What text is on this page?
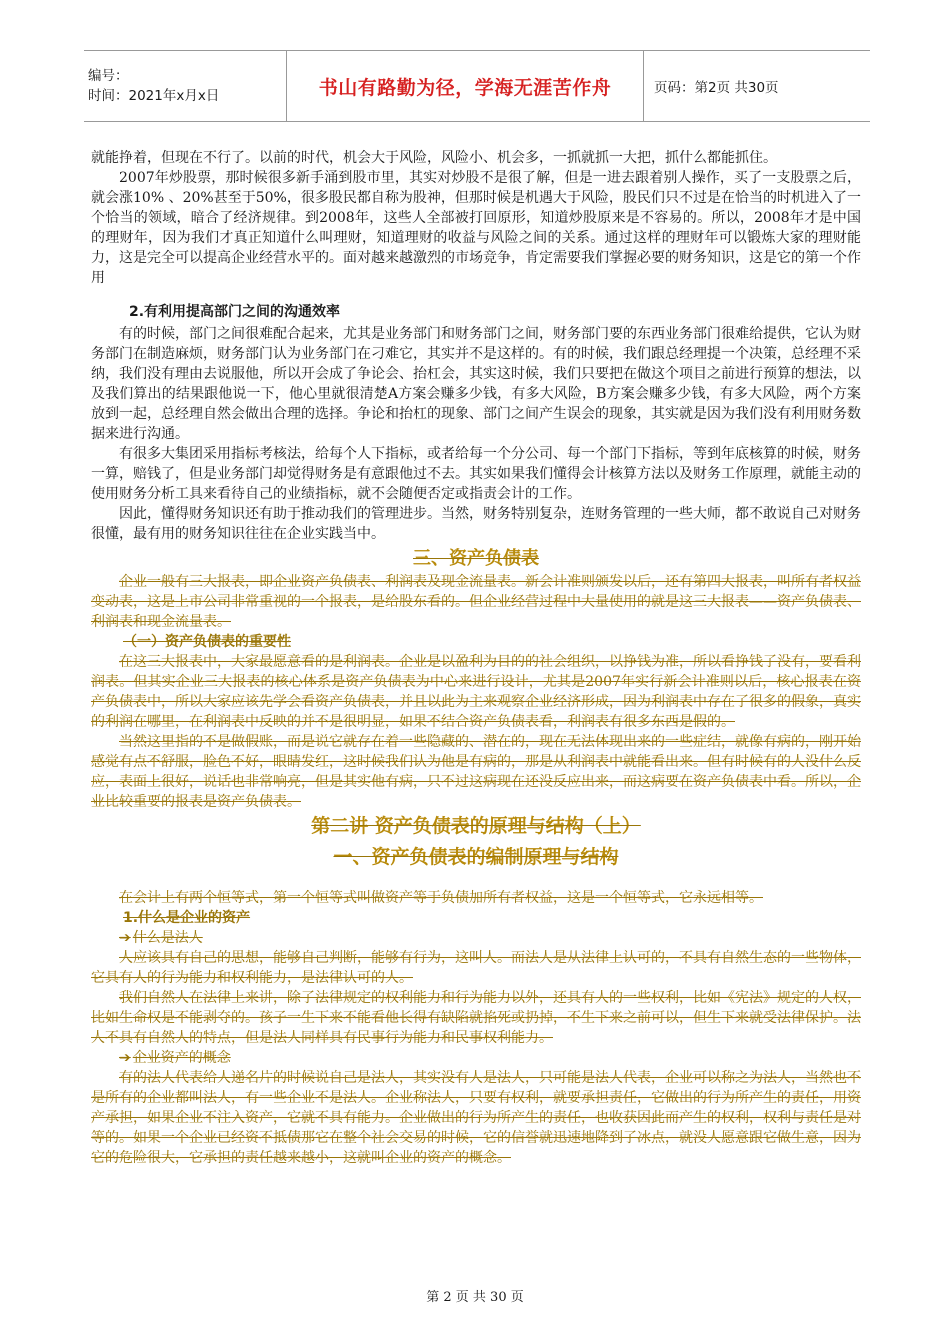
编号：
时间：2021年x月x日	书山有路勤为径，学海无涯苦作舟	页码：第2页 共30页

就能挣着，但现在不行了。以前的时代，机会大于风险，风险小、机会多，一抓就抓一大把，抓什么都能抓住。

2007年炒股票，那时候很多新手涌到股市里，其实对炒股不是很了解，但是一进去跟着别人操作，买了一支股票之后，就会涨10% 、20%甚至于50%，很多股民都自称为股神，但那时候是机遇大于风险，股民们只不过是在恰当的时机进入了一个恰当的领域，暗合了经济规律。到2008年，这些人全部被打回原形，知道炒股原来是不容易的。所以，2008年才是中国的理财年，因为我们才真正知道什么叫理财，知道理财的收益与风险之间的关系。通过这样的理财年可以锻炼大家的理财能力，这是完全可以提高企业经营水平的。面对越来越激烈的市场竞争，肯定需要我们掌握必要的财务知识，这是它的第一个作用

2.有利用提高部门之间的沟通效率

有的时候，部门之间很难配合起来，尤其是业务部门和财务部门之间，财务部门要的东西业务部门很难给提供，它认为财务部门在制造麻烦，财务部门认为业务部门在刁难它，其实并不是这样的。有的时候，我们跟总经理提一个决策，总经理不采纳，我们没有理由去说服他，所以开会成了争论会、抬杠会，其实这时候，我们只要把在做这个项目之前进行预算的想法，以及我们算出的结果跟他说一下，他心里就很清楚A方案会赚多少钱，有多大风险，B方案会赚多少钱，有多大风险，两个方案放到一起，总经理自然会做出合理的选择。争论和抬杠的现象、部门之间产生误会的现象，其实就是因为我们没有利用财务数据来进行沟通。

有很多大集团采用指标考核法，给每个人下指标，或者给每一个分公司、每一个部门下指标，等到年底核算的时候，财务一算，赔钱了，但是业务部门却觉得财务是有意跟他过不去。其实如果我们懂得会计核算方法以及财务工作原理，就能主动的使用财务分析工具来看待自己的业绩指标，就不会随便否定或指责会计的工作。

因此，懂得财务知识还有助于推动我们的管理进步。当然，财务特别复杂，连财务管理的一些大师，都不敢说自己对财务很懂，最有用的财务知识往往在企业实践当中。

三、资产负债表

企业一般有三大报表，即企业资产负债表、利润表及现金流量表。新会计准则颁发以后，还有第四大报表，叫所有者权益变动表，这是上市公司非常重视的一个报表，是给股东看的。但企业经营过程中大量使用的就是这三大报表——资产负债表、利润表和现金流量表。

（一）资产负债表的重要性

在这三大报表中，大家最愿意看的是利润表。企业是以盈利为目的的社会组织，以挣钱为准，所以看挣钱了没有，要看利润表。但其实企业三大报表的核心体系是资产负债表为中心来进行设计，尤其是2007年实行新会计准则以后，核心报表在资产负债表中，所以大家应该先学会看资产负债表，并且以此为主来观察企业经济形成，因为利润表中存在了很多的假象，真实的利润在哪里，在利润表中反映的并不是很明显，如果不结合资产负债表看，利润表有很多东西是假的。

当然这里指的不是做假账，而是说它就存在着一些隐藏的、潜在的，现在无法体现出来的一些症结，就像有病的，刚开始感觉有点不舒服，脸色不好，眼睛发红，这时候我们认为他是有病的，那是从利润表中就能看出来。但有时候有的人没什么反应，表面上很好，说话也非常响亮，但是其实他有病，只不过这病现在还没反应出来，而这病要在资产负债表中看。所以，企业比较重要的报表是资产负债表。

第二讲 资产负债表的原理与结构（上）
一、资产负债表的编制原理与结构

在会计上有两个恒等式，第一个恒等式叫做资产等于负债加所有者权益，这是一个恒等式，它永远相等。

1.什么是企业的资产
➔ 什么是法人

人应该具有自己的思想，能够自己判断，能够有行为，这叫人。而法人是从法律上认可的，不具有自然生态的一些物体，它具有人的行为能力和权利能力，是法律认可的人。

我们自然人在法律上来讲，除了法律规定的权利能力和行为能力以外，还具有人的一些权利，比如《宪法》规定的人权，比如生命权是不能剥夺的。孩子一生下来不能看他长得有缺陷就掐死或扔掉，不生下来之前可以，但生下来就受法律保护。法人不具有自然人的特点，但是法人同样具有民事行为能力和民事权利能力。

➔ 企业资产的概念

有的法人代表给人递名片的时候说自己是法人，其实没有人是法人，只可能是法人代表，企业可以称之为法人，当然也不是所有的企业都叫法人，有一些企业不是法人。企业称法人，只要有权利，就要承担责任，它做出的行为所产生的责任，用资产承担，如果企业不注入资产，它就不具有能力。企业做出的行为所产生的责任，也收获因此而产生的权利，权利与责任是对等的。如果一个企业已经资不抵债那它在整个社会交易的时候，它的信誉就迅速地降到了冰点，就没人愿意跟它做生意，因为它的危险很大，它承担的责任越来越小，这就叫企业的资产的概念。

第 2 页 共 30 页
